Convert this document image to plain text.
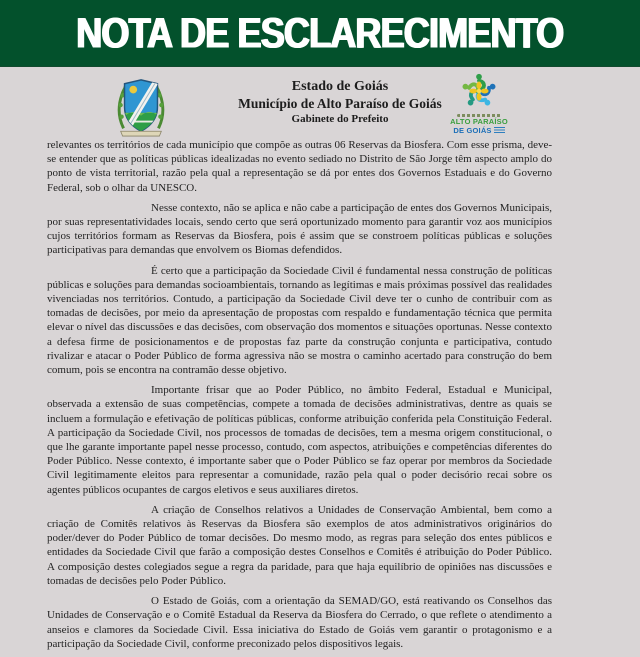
NOTA DE ESCLARECIMENTO
Estado de Goiás
Município de Alto Paraíso de Goiás
Gabinete do Prefeito	ALTO PARAÍSO
DE GOIÁS

relevantes os territórios de cada município que compõe as outras 06 Reservas da Biosfera. Com esse prisma, deve-se entender que as políticas públicas idealizadas no evento sediado no Distrito de São Jorge têm aspecto amplo do ponto de vista territorial, razão pela qual a representação se dá por entes dos Governos Estaduais e do Governo Federal, sob o olhar da UNESCO.

Nesse contexto, não se aplica e não cabe a participação de entes dos Governos Municipais, por suas representatividades locais, sendo certo que será oportunizado momento para garantir voz aos municípios cujos territórios formam as Reservas da Biosfera, pois é assim que se constroem políticas públicas e soluções participativas para demandas que envolvem os Biomas defendidos.

É certo que a participação da Sociedade Civil é fundamental nessa construção de políticas públicas e soluções para demandas socioambientais, tornando as legítimas e mais próximas possível das realidades vivenciadas nos territórios. Contudo, a participação da Sociedade Civil deve ter o cunho de contribuir com as tomadas de decisões, por meio da apresentação de propostas com respaldo e fundamentação técnica que permita elevar o nível das discussões e das decisões, com observação dos momentos e situações oportunas. Nesse contexto a defesa firme de posicionamentos e de propostas faz parte da construção conjunta e participativa, contudo rivalizar e atacar o Poder Público de forma agressiva não se mostra o caminho acertado para construção do bem comum, pois se encontra na contramão desse objetivo.

Importante frisar que ao Poder Público, no âmbito Federal, Estadual e Municipal, observada a extensão de suas competências, compete a tomada de decisões administrativas, dentre as quais se incluem a formulação e efetivação de políticas públicas, conforme atribuição conferida pela Constituição Federal. A participação da Sociedade Civil, nos processos de tomadas de decisões, tem a mesma origem constitucional, o que lhe garante importante papel nesse processo, contudo, com aspectos, atribuições e competências diferentes do Poder Público. Nesse contexto, é importante saber que o Poder Público se faz operar por membros da Sociedade Civil legitimamente eleitos para representar a comunidade, razão pela qual o poder decisório recai sobre os agentes públicos ocupantes de cargos eletivos e seus auxiliares diretos.

A criação de Conselhos relativos a Unidades de Conservação Ambiental, bem como a criação de Comitês relativos às Reservas da Biosfera são exemplos de atos administrativos originários do poder/dever do Poder Público de tomar decisões. Do mesmo modo, as regras para seleção dos entes públicos e entidades da Sociedade Civil que farão a composição destes Conselhos e Comitês é atribuição do Poder Público. A composição destes colegiados segue a regra da paridade, para que haja equilíbrio de opiniões nas discussões e tomadas de decisões pelo Poder Público.

O Estado de Goiás, com a orientação da SEMAD/GO, está reativando os Conselhos das Unidades de Conservação e o Comitê Estadual da Reserva da Biosfera do Cerrado, o que reflete o atendimento a anseios e clamores da Sociedade Civil. Essa iniciativa do Estado de Goiás vem garantir o protagonismo e a participação da Sociedade Civil, conforme preconizado pelos dispositivos legais.
